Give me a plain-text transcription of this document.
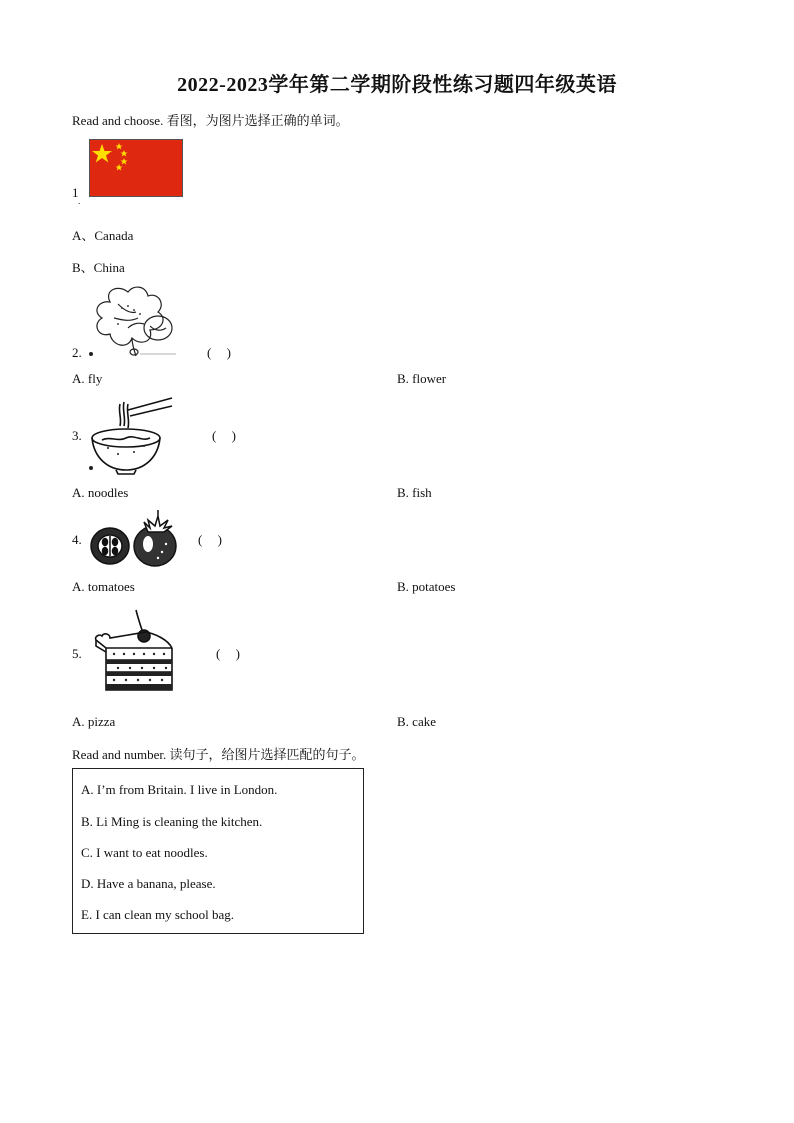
2022-2023学年第二学期阶段性练习题四年级英语
Read and choose. 看图，为图片选择正确的单词。
1
.
A、Canada
B、China
2.	( )
A. fly	B. flower
3.	( )
A. noodles	B. fish
4.	( )
A. tomatoes	B. potatoes
5.	( )
A. pizza	B. cake
Read and number. 读句子，给图片选择匹配的句子。
A. I’m from Britain. I live in London.
B. Li Ming is cleaning the kitchen.
C. I want to eat noodles.
D. Have a banana, please.
E. I can clean my school bag.
